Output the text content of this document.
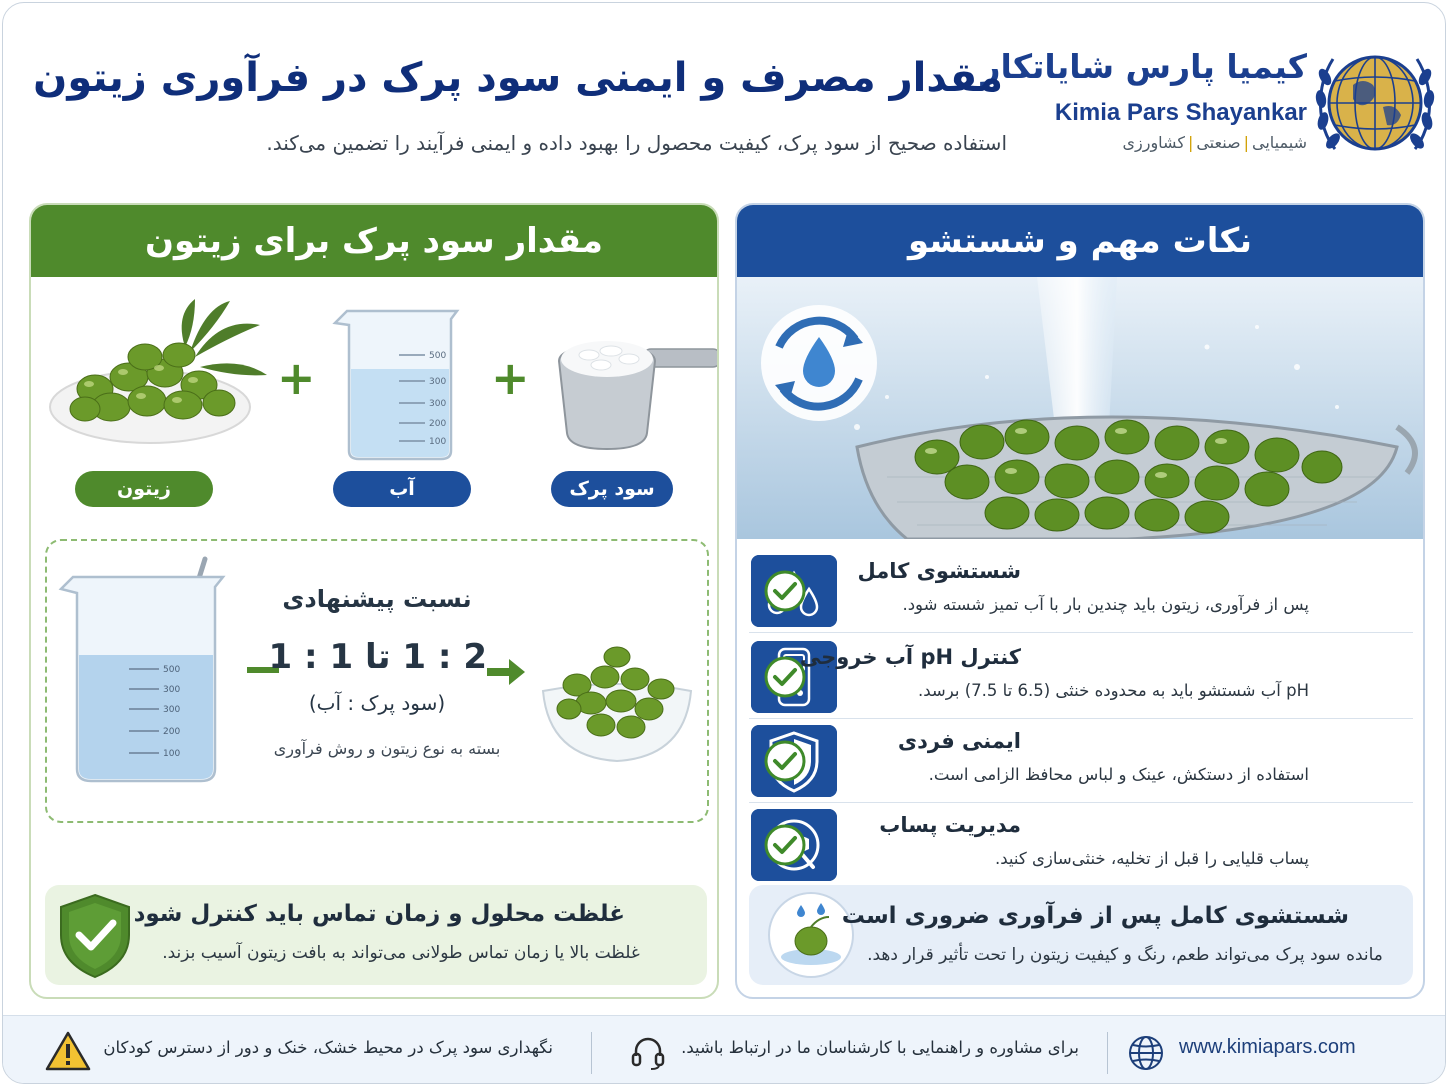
کیمیا پارس شایاتکار
Kimia Pars Shayankar
شیمیایی|صنعتی|کشاورزی
مقدار مصرف و ایمنی سود پرک در فرآوری زیتون
استفاده صحیح از سود پرک، کیفیت محصول را بهبود داده و ایمنی فرآیند را تضمین می‌کند.
مقدار سود پرک برای زیتون
+	500
300
300
200
100
+
زیتون	آب	سود پرک
500
300
300
200
100
نسبت پیشنهادی
2 : 1 تا 1 : 1
(سود پرک : آب)
بسته به نوع زیتون و روش فرآوری
غلظت محلول و زمان تماس باید کنترل شود
غلظت بالا یا زمان تماس طولانی می‌تواند به بافت زیتون آسیب بزند.
نکات مهم و شستشو
شستشوی کامل
پس از فرآوری، زیتون باید چندین بار با آب تمیز شسته شود.
کنترل pH آب خروجی
pH آب شستشو باید به محدوده خنثی (6.5 تا 7.5) برسد.
ایمنی فردی
استفاده از دستکش، عینک و لباس محافظ الزامی است.
مدیریت پساب
پساب قلیایی را قبل از تخلیه، خنثی‌سازی کنید.
شستشوی کامل پس از فرآوری ضروری است
مانده سود پرک می‌تواند طعم، رنگ و کیفیت زیتون را تحت تأثیر قرار دهد.
نگهداری سود پرک در محیط خشک، خنک و دور از دسترس کودکان	برای مشاوره و راهنمایی با کارشناسان ما در ارتباط باشید.	www.kimiapars.com
